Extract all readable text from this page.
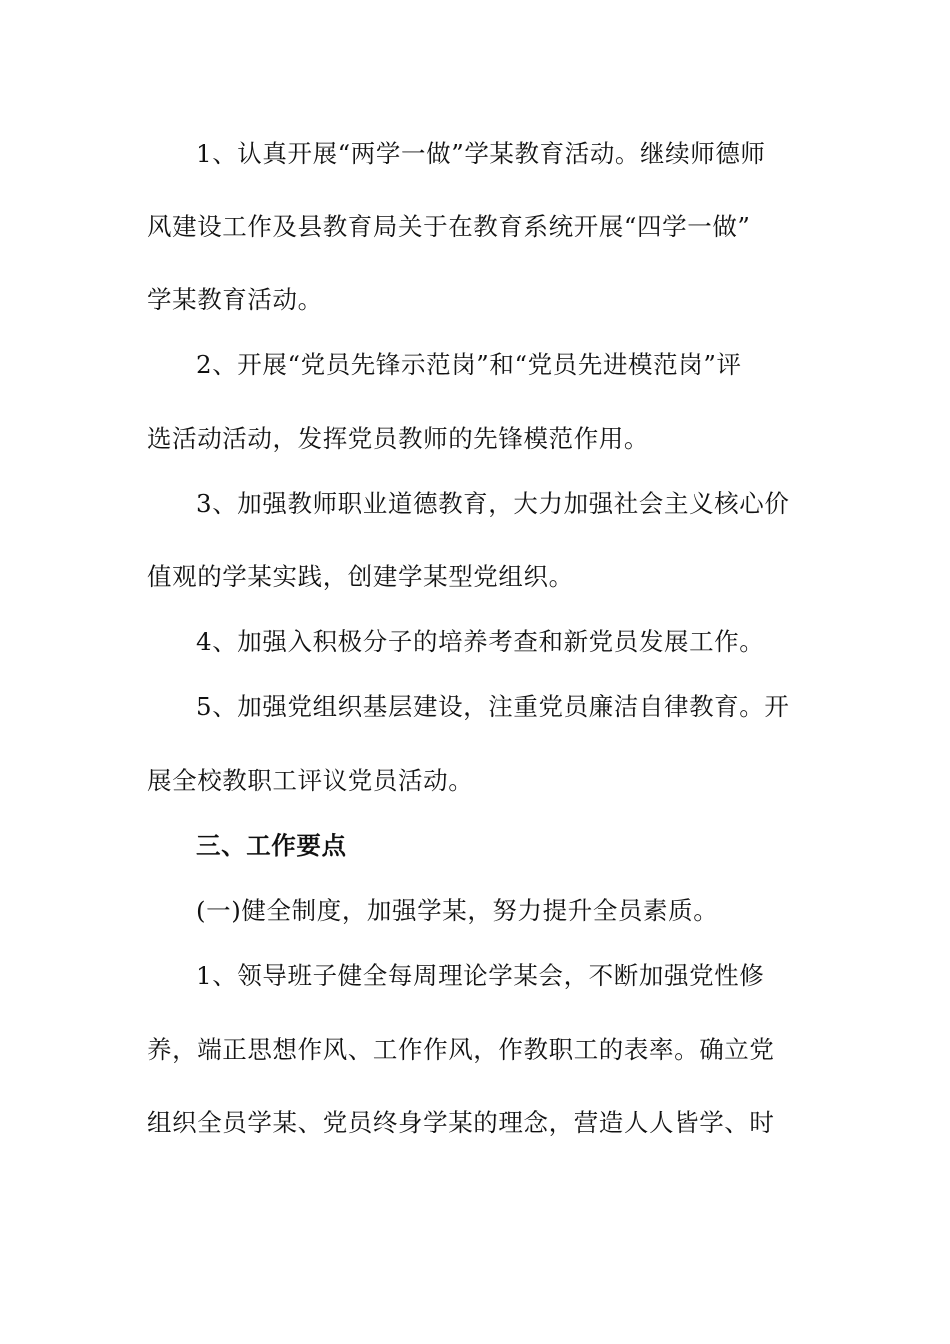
1、认真开展“两学一做”学某教育活动。继续师德师
风建设工作及县教育局关于在教育系统开展“四学一做”
学某教育活动。
2、开展“党员先锋示范岗”和“党员先进模范岗”评
选活动活动，发挥党员教师的先锋模范作用。
3、加强教师职业道德教育，大力加强社会主义核心价
值观的学某实践，创建学某型党组织。
4、加强入积极分子的培养考查和新党员发展工作。
5、加强党组织基层建设，注重党员廉洁自律教育。开
展全校教职工评议党员活动。
三、工作要点
(一)健全制度，加强学某，努力提升全员素质。
1、领导班子健全每周理论学某会，不断加强党性修
养，端正思想作风、工作作风，作教职工的表率。确立党
组织全员学某、党员终身学某的理念，营造人人皆学、时
